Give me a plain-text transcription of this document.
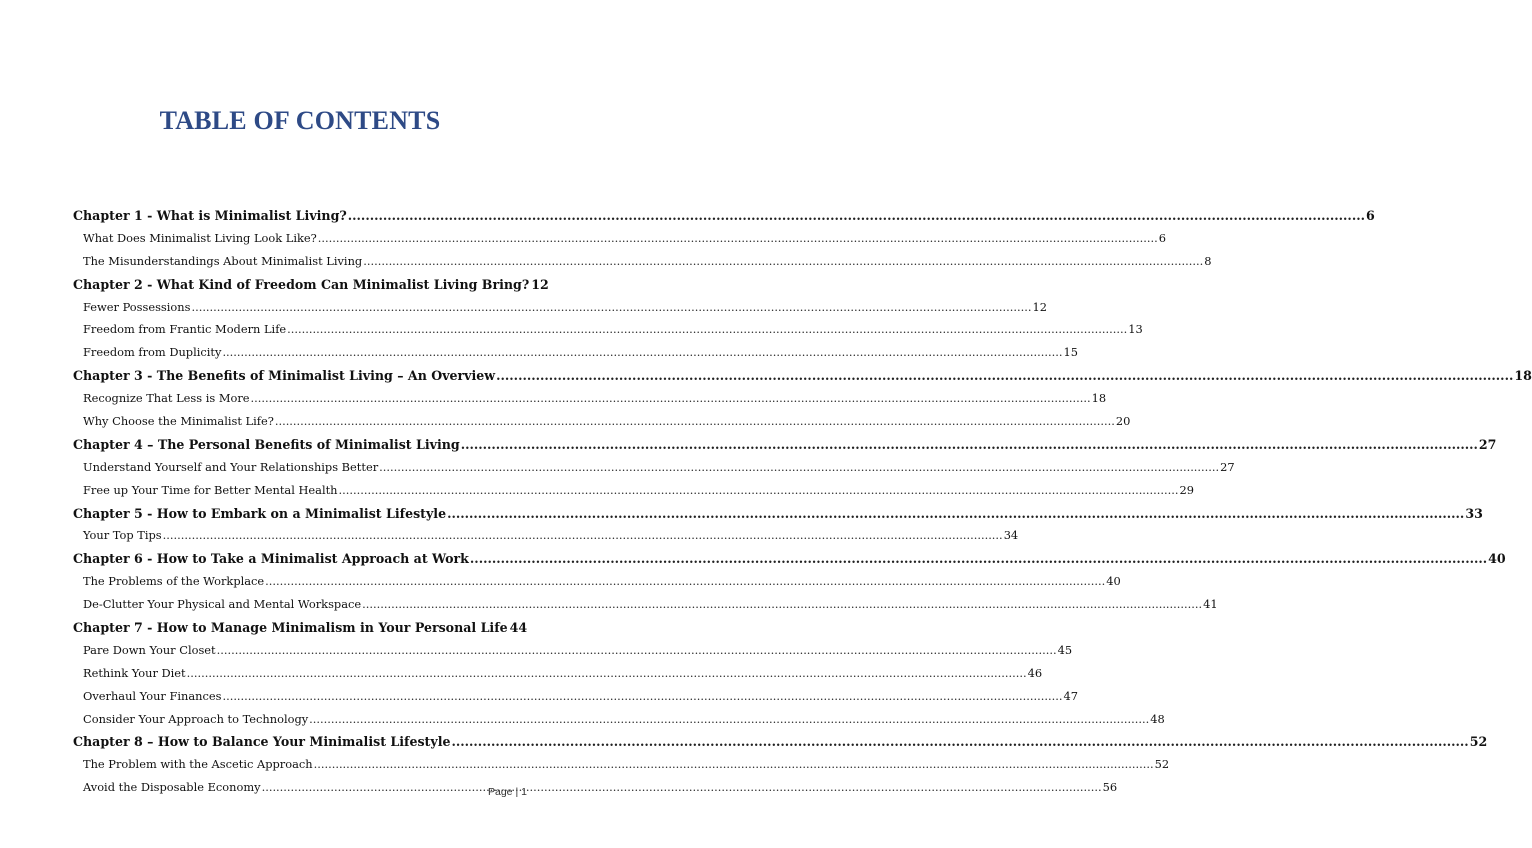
TABLE OF CONTENTS
Chapter 1 - What is Minimalist Living? .....	6
What Does Minimalist Living Look Like? .....	6
The Misunderstandings About Minimalist Living .....	8
Chapter 2 - What Kind of Freedom Can Minimalist Living Bring? 12
Fewer Possessions .....	12
Freedom from Frantic Modern Life .....	13
Freedom from Duplicity .....	15
Chapter 3 - The Benefits of Minimalist Living – An Overview .....	18
Recognize That Less is More .....	18
Why Choose the Minimalist Life? .....	20
Chapter 4 – The Personal Benefits of Minimalist Living .....	27
Understand Yourself and Your Relationships Better .....	27
Free up Your Time for Better Mental Health .....	29
Chapter 5 - How to Embark on a Minimalist Lifestyle .....	33
Your Top Tips .....	34
Chapter 6 - How to Take a Minimalist Approach at Work .....	40
The Problems of the Workplace .....	40
De-Clutter Your Physical and Mental Workspace .....	41
Chapter 7 - How to Manage Minimalism in Your Personal Life 44
Pare Down Your Closet .....	45
Rethink Your Diet .....	46
Overhaul Your Finances .....	47
Consider Your Approach to Technology .....	48
Chapter 8 – How to Balance Your Minimalist Lifestyle .....	52
The Problem with the Ascetic Approach .....	52
Avoid the Disposable Economy .....	56
Page | 1
